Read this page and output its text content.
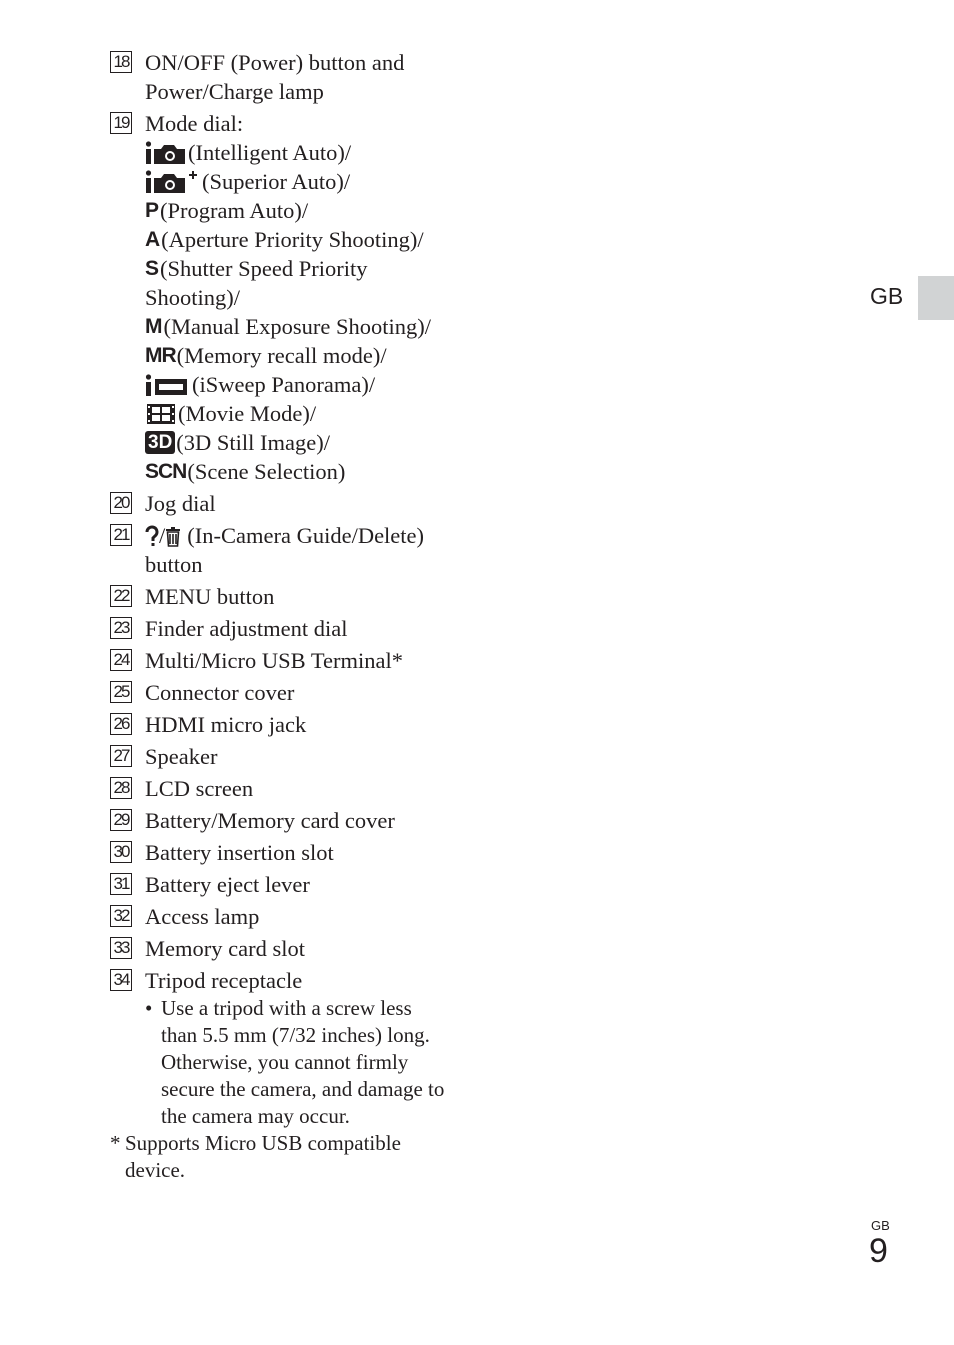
GB
18 ON/OFF (Power) button and
Power/Charge lamp
19 Mode dial:
(Intelligent Auto)/
(Superior Auto)/
P (Program Auto)/
A (Aperture Priority Shooting)/
S (Shutter Speed Priority
Shooting)/
M (Manual Exposure Shooting)/
MR (Memory recall mode)/
(iSweep Panorama)/
(Movie Mode)/
3D (3D Still Image)/
SCN (Scene Selection)
20 Jog dial
21 / (In-Camera Guide/Delete)
button
22 MENU button
23 Finder adjustment dial
24 Multi/Micro USB Terminal*
25 Connector cover
26 HDMI micro jack
27 Speaker
28 LCD screen
29 Battery/Memory card cover
30 Battery insertion slot
31 Battery eject lever
32 Access lamp
33 Memory card slot
34 Tripod receptacle
• Use a tripod with a screw less
than 5.5 mm (7/32 inches) long.
Otherwise, you cannot firmly
secure the camera, and damage to
the camera may occur.
* Supports Micro USB compatible
device.
GB
9
